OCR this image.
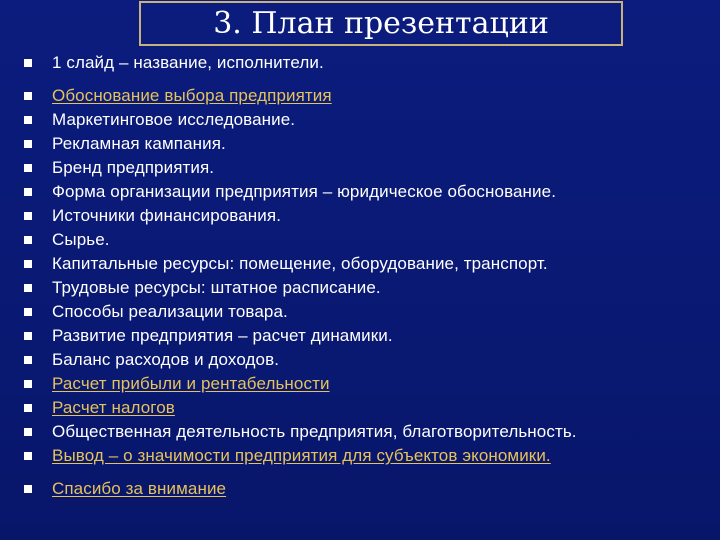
3. План презентации
1 слайд – название, исполнители.
Обоснование выбора предприятия
Маркетинговое исследование.
Рекламная кампания.
Бренд предприятия.
Форма организации предприятия – юридическое обоснование.
Источники финансирования.
Сырье.
Капитальные ресурсы: помещение, оборудование, транспорт.
Трудовые ресурсы: штатное расписание.
Способы реализации товара.
Развитие предприятия – расчет динамики.
Баланс расходов и доходов.
Расчет прибыли и рентабельности
Расчет налогов
Общественная деятельность предприятия, благотворительность.
Вывод – о значимости предприятия для субъектов экономики.
Спасибо за внимание
